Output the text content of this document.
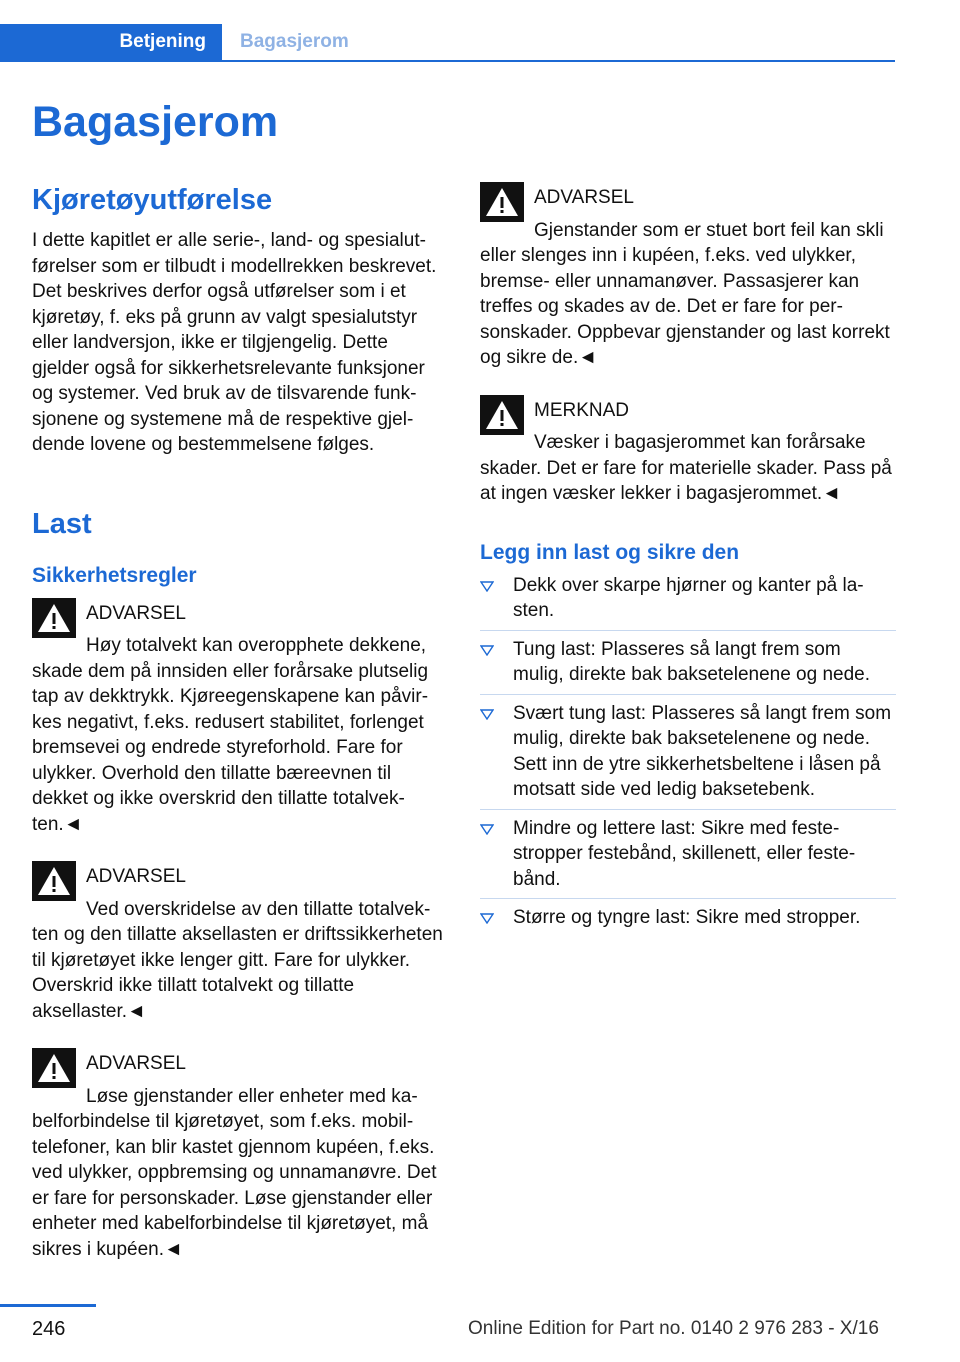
Betjening Bagasjerom
Bagasjerom
Kjøretøyutførelse

I dette kapitlet er alle serie-, land- og spesialutførelser som er tilbudt i modellrekken beskrevet. Det beskrives derfor også utførelser som i et kjøretøy, f. eks på grunn av valgt spesialutstyr eller landversjon, ikke er tilgjengelig. Dette gjelder også for sikkerhetsrelevante funksjoner og systemer. Ved bruk av de tilsvarende funksjonene og systemene må de respektive gjeldende lovene og bestemmelsene følges.

Last
Sikkerhetsregler
ADVARSEL

Høy totalvekt kan overopphete dekkene, skade dem på innsiden eller forårsake plutselig tap av dekktrykk. Kjøreegenskapene kan påvirkes negativt, f.eks. redusert stabilitet, forlenget bremsevei og endrede styreforhold. Fare for ulykker. Overhold den tillatte bæreevnen til dekket og ikke overskrid den tillatte totalvekten.◄

ADVARSEL

Ved overskridelse av den tillatte totalvekten og den tillatte aksellasten er driftssikkerheten til kjøretøyet ikke lenger gitt. Fare for ulykker. Overskrid ikke tillatt totalvekt og tillatte aksellaster.◄

ADVARSEL

Løse gjenstander eller enheter med kabelforbindelse til kjøretøyet, som f.eks. mobiltelefoner, kan blir kastet gjennom kupéen, f.eks. ved ulykker, oppbremsing og unnamanøvre. Det er fare for personskader. Løse gjenstander eller enheter med kabelforbindelse til kjøretøyet, må sikres i kupéen.◄

ADVARSEL

Gjenstander som er stuet bort feil kan skli eller slenges inn i kupéen, f.eks. ved ulykker, bremse- eller unnamanøver. Passasjerer kan treffes og skades av de. Det er fare for personskader. Oppbevar gjenstander og last korrekt og sikre de.◄

MERKNAD

Væsker i bagasjerommet kan forårsake skader. Det er fare for materielle skader. Pass på at ingen væsker lekker i bagasjerommet.◄

Legg inn last og sikre den
Dekk over skarpe hjørner og kanter på lasten.
Tung last: Plasseres så langt frem som mulig, direkte bak baksetelenene og nede.
Svært tung last: Plasseres så langt frem som mulig, direkte bak baksetelenene og nede. Sett inn de ytre sikkerhetsbeltene i låsen på motsatt side ved ledig baksetebenk.
Mindre og lettere last: Sikre med festestropper festebånd, skillenett, eller festebånd.
Større og tyngre last: Sikre med stropper.
246	Online Edition for Part no. 0140 2 976 283 - X/16
